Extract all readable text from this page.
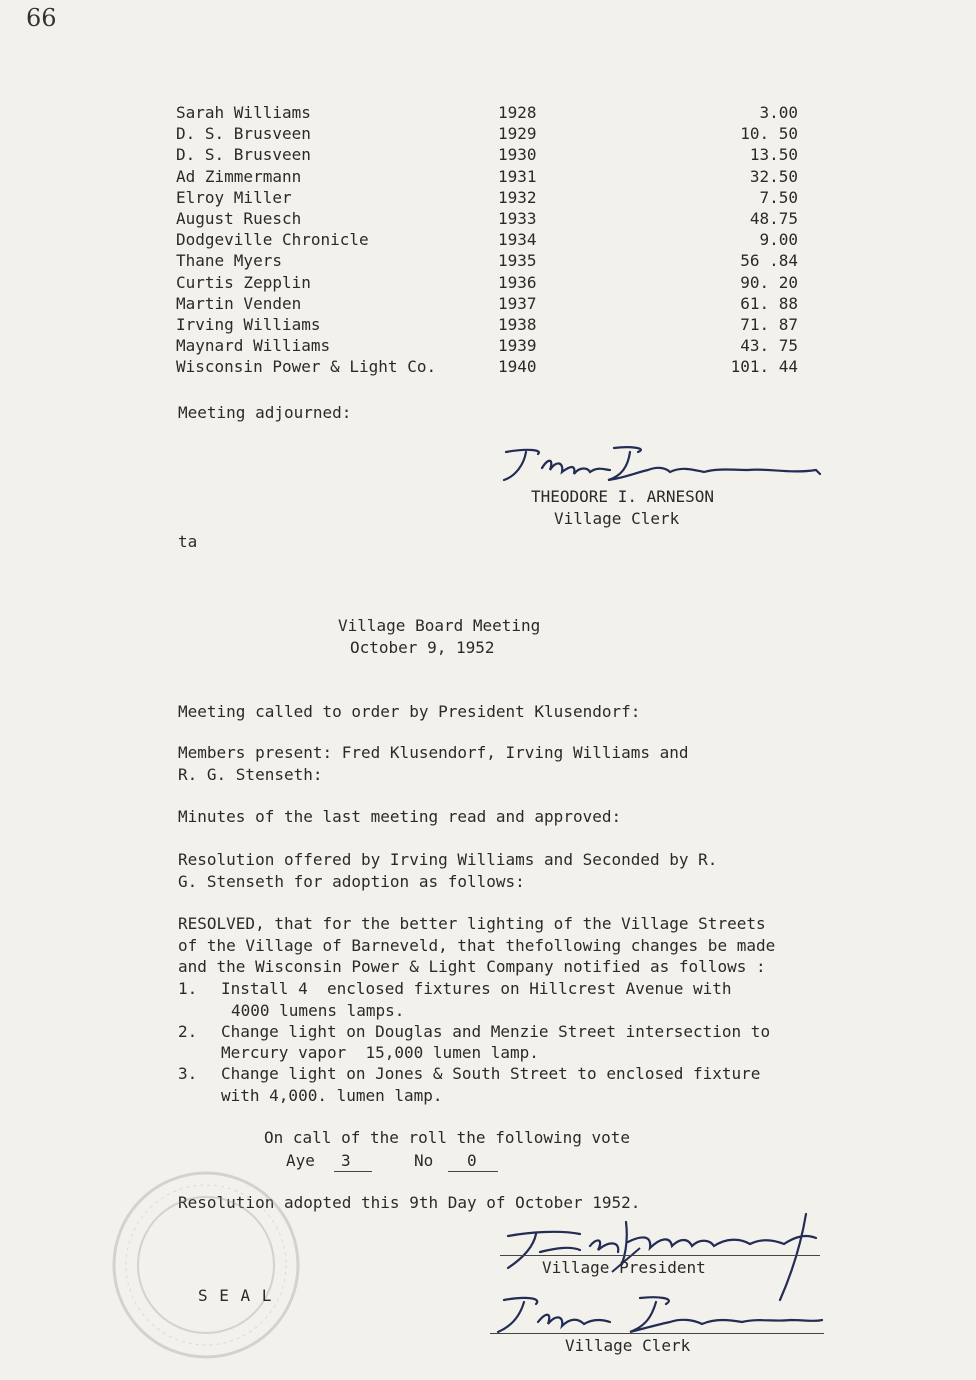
66
Sarah Williams	1928	3.00
D. S. Brusveen	1929	10. 50
D. S. Brusveen	1930	13.50
Ad Zimmermann	1931	32.50
Elroy Miller	1932	7.50
August Ruesch	1933	48.75
Dodgeville Chronicle	1934	9.00
Thane Myers	1935	56 .84
Curtis Zepplin	1936	90. 20
Martin Venden	1937	61. 88
Irving Williams	1938	71. 87
Maynard Williams	1939	43. 75
Wisconsin Power & Light Co.	1940	101. 44
Meeting adjourned:
THEODORE I. ARNESON
Village Clerk
ta
Village Board Meeting
October 9, 1952
Meeting called to order by President Klusendorf:
Members present: Fred Klusendorf, Irving Williams and
R. G. Stenseth:
Minutes of the last meeting read and approved:
Resolution offered by Irving Williams and Seconded by R.
G. Stenseth for adoption as follows:
RESOLVED, that for the better lighting of the Village Streets
of the Village of Barneveld, that thefollowing changes be made
and the Wisconsin Power & Light Company notified as follows :
1. Install 4  enclosed fixtures on Hillcrest Avenue with
4000 lumens lamps.
2. Change light on Douglas and Menzie Street intersection to
Mercury vapor  15,000 lumen lamp.
3. Change light on Jones & South Street to enclosed fixture
with 4,000. lumen lamp.
On call of the roll the following vote
Aye 3	No 0
Resolution adopted this 9th Day of October 1952.
S E A L
Village President
Village Clerk
